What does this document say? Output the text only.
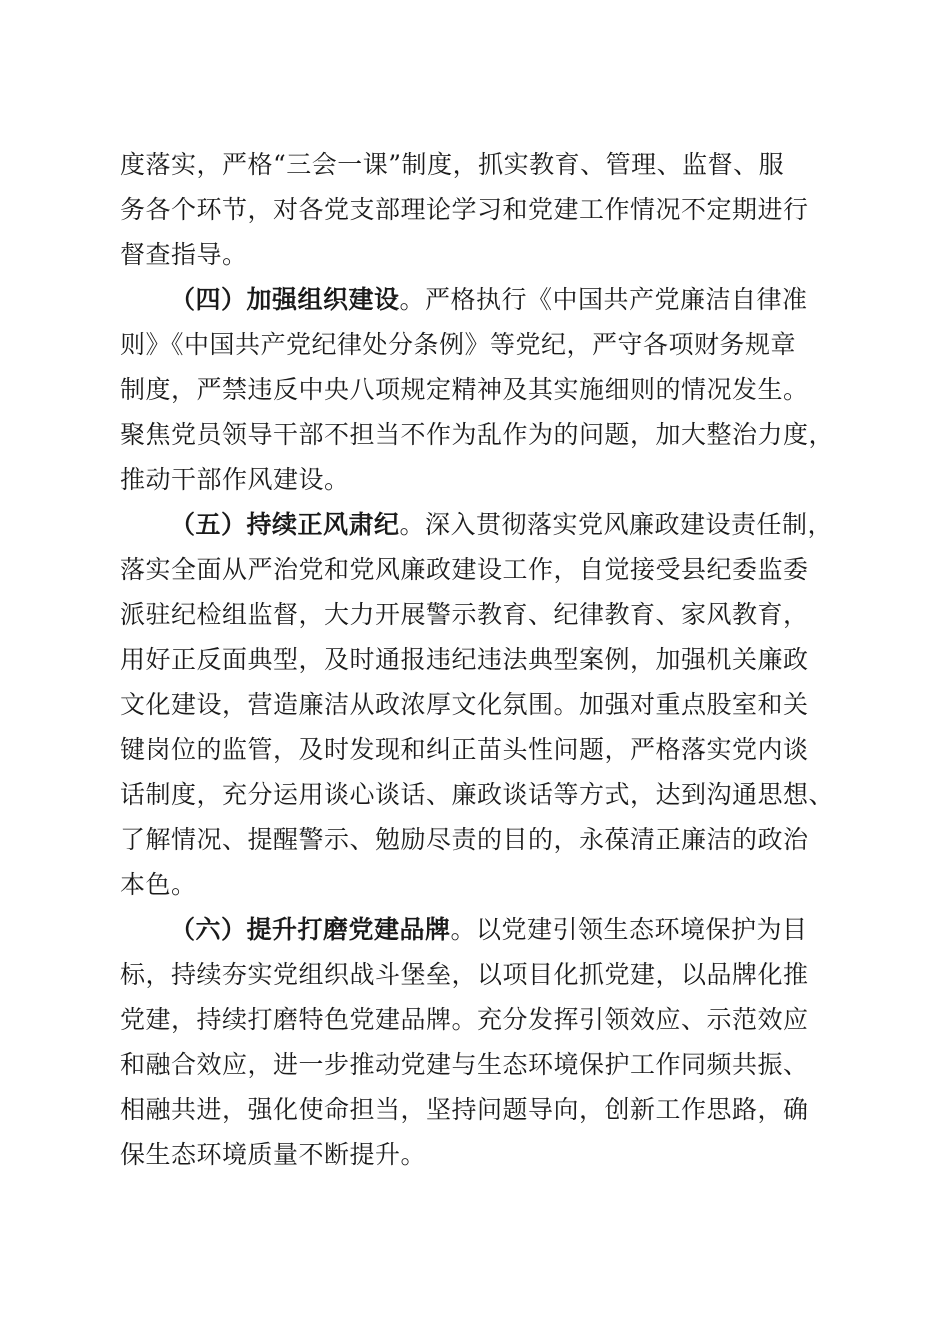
度落实，严格“三会一课”制度，抓实教育、管理、监督、服

务各个环节，对各党支部理论学习和党建工作情况不定期进行

督查指导。

（四）加强组织建设。严格执行《中国共产党廉洁自律准

则》《中国共产党纪律处分条例》等党纪，严守各项财务规章

制度，严禁违反中央八项规定精神及其实施细则的情况发生。

聚焦党员领导干部不担当不作为乱作为的问题，加大整治力度，

推动干部作风建设。

（五）持续正风肃纪。深入贯彻落实党风廉政建设责任制，

落实全面从严治党和党风廉政建设工作，自觉接受县纪委监委

派驻纪检组监督，大力开展警示教育、纪律教育、家风教育，

用好正反面典型，及时通报违纪违法典型案例，加强机关廉政

文化建设，营造廉洁从政浓厚文化氛围。加强对重点股室和关

键岗位的监管，及时发现和纠正苗头性问题，严格落实党内谈

话制度，充分运用谈心谈话、廉政谈话等方式，达到沟通思想、

了解情况、提醒警示、勉励尽责的目的，永葆清正廉洁的政治

本色。

（六）提升打磨党建品牌。以党建引领生态环境保护为目

标，持续夯实党组织战斗堡垒，以项目化抓党建，以品牌化推

党建，持续打磨特色党建品牌。充分发挥引领效应、示范效应

和融合效应，进一步推动党建与生态环境保护工作同频共振、

相融共进，强化使命担当，坚持问题导向，创新工作思路，确

保生态环境质量不断提升。
